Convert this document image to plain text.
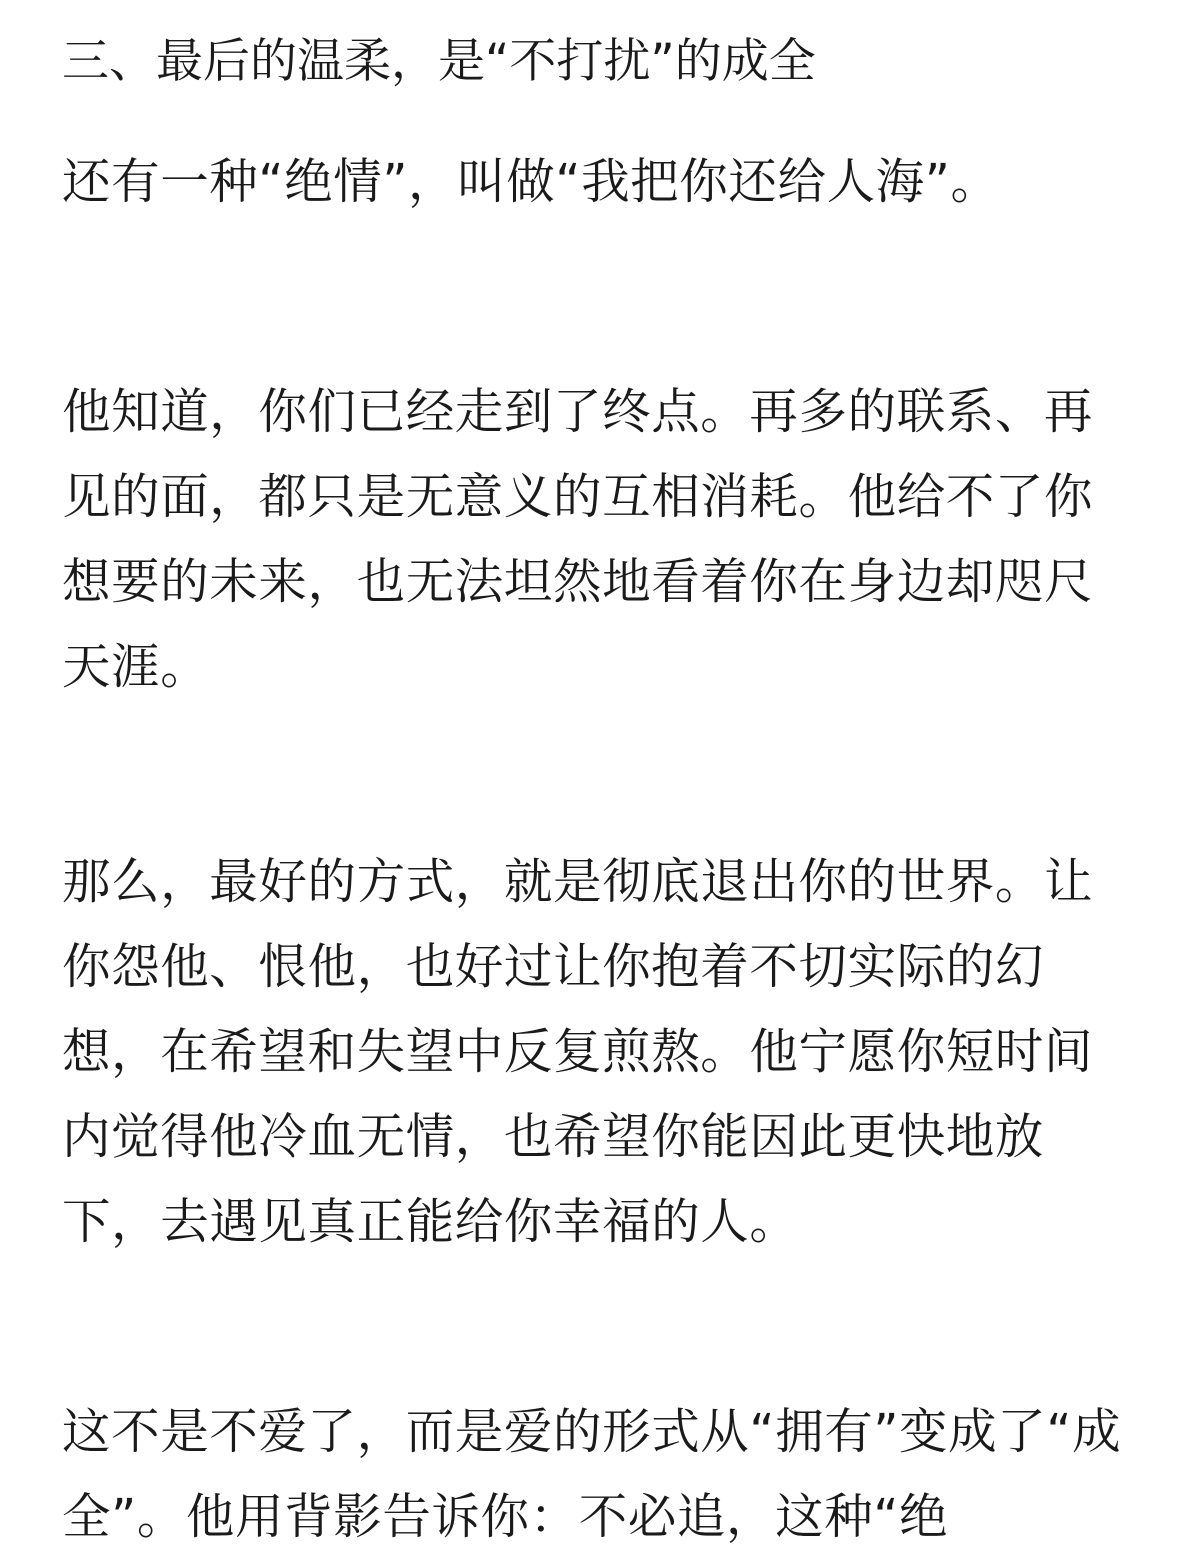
三、最后的温柔，是“不打扰”的成全

还有一种“绝情”，叫做“我把你还给人海”。

他知道，你们已经走到了终点。再多的联系、再见的面，都只是无意义的互相消耗。他给不了你想要的未来，也无法坦然地看着你在身边却咫尺天涯。

那么，最好的方式，就是彻底退出你的世界。让你怨他、恨他，也好过让你抱着不切实际的幻想，在希望和失望中反复煎熬。他宁愿你短时间内觉得他冷血无情，也希望你能因此更快地放下，去遇见真正能给你幸福的人。

这不是不爱了，而是爱的形式从“拥有”变成了“成全”。他用背影告诉你：不必追，这种“绝
